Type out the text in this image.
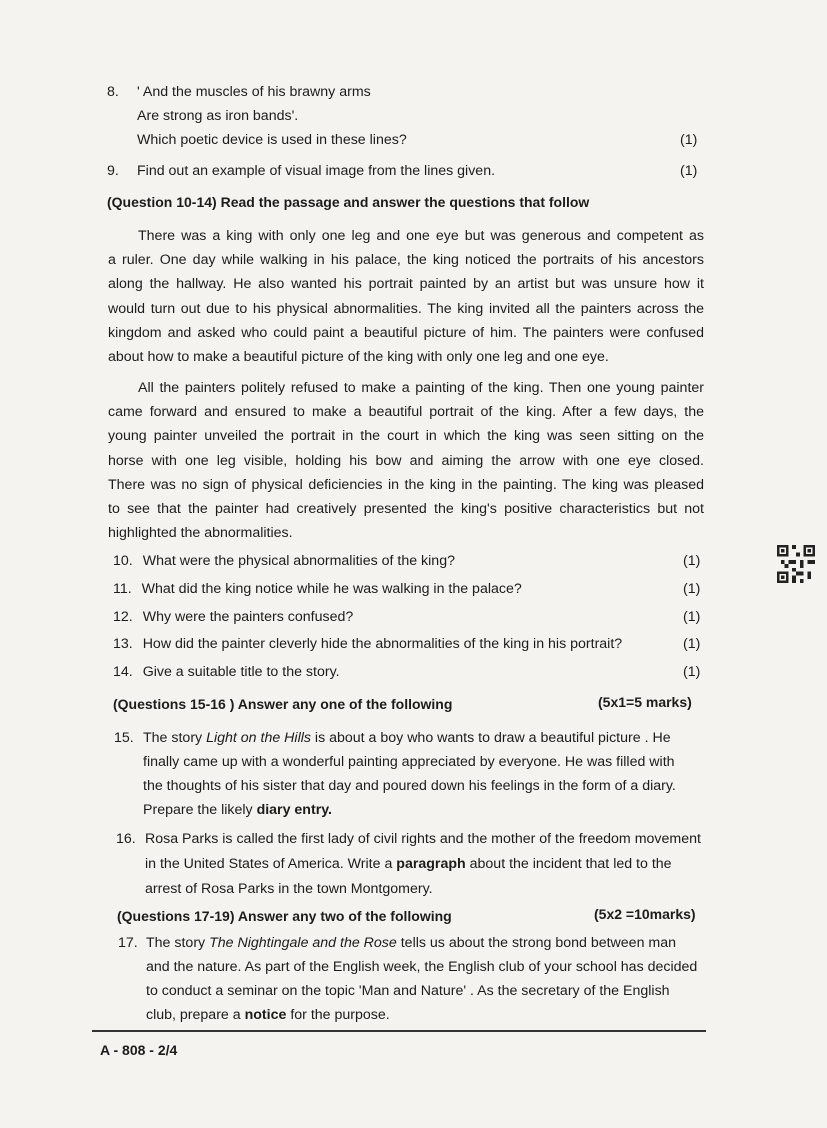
8. ' And the muscles of his brawny arms
Are strong as iron bands'.
Which poetic device is used in these lines?	(1)
9. Find out an example of visual image from the lines given.	(1)
(Question 10-14) Read the passage and answer the questions that follow
There was a king with only one leg and one eye but was generous and competent as
a ruler. One day while walking in his palace, the king noticed the portraits of his ancestors
along the hallway. He also wanted his portrait painted by an artist but was unsure how it
would turn out due to his physical abnormalities. The king invited all the painters across the
kingdom and asked who could paint a beautiful picture of him. The painters were confused
about how to make a beautiful picture of the king with only one leg and one eye.
All the painters politely refused to make a painting of the king. Then one young painter
came forward and ensured to make a beautiful portrait of the king. After a few days, the
young painter unveiled the portrait in the court in which the king was seen sitting on the
horse with one leg visible, holding his bow and aiming the arrow with one eye closed.
There was no sign of physical deficiencies in the king in the painting. The king was pleased
to see that the painter had creatively presented the king's positive characteristics but not
highlighted the abnormalities.
10. What were the physical abnormalities of the king?	(1)
11. What did the king notice while he was walking in the palace?	(1)
12. Why were the painters confused?	(1)
13. How did the painter cleverly hide the abnormalities of the king in his portrait?	(1)
14. Give a suitable title to the story.	(1)
(Questions 15-16 ) Answer any one of the following	(5x1=5 marks)
15. The story Light on the Hills is about a boy who wants to draw a beautiful picture . He
finally came up with a wonderful painting appreciated by everyone. He was filled with
the thoughts of his sister that day and poured down his feelings in the form of a diary.
Prepare the likely diary entry.
16. Rosa Parks is called the first lady of civil rights and the mother of the freedom movement
in the United States of America. Write a paragraph about the incident that led to the
arrest of Rosa Parks in the town Montgomery.
(Questions 17-19) Answer any two of the following	(5x2 =10marks)
17. The story The Nightingale and the Rose tells us about the strong bond between man
and the nature. As part of the English week, the English club of your school has decided
to conduct a seminar on the topic 'Man and Nature' . As the secretary of the English
club, prepare a notice for the purpose.
A - 808 - 2/4
